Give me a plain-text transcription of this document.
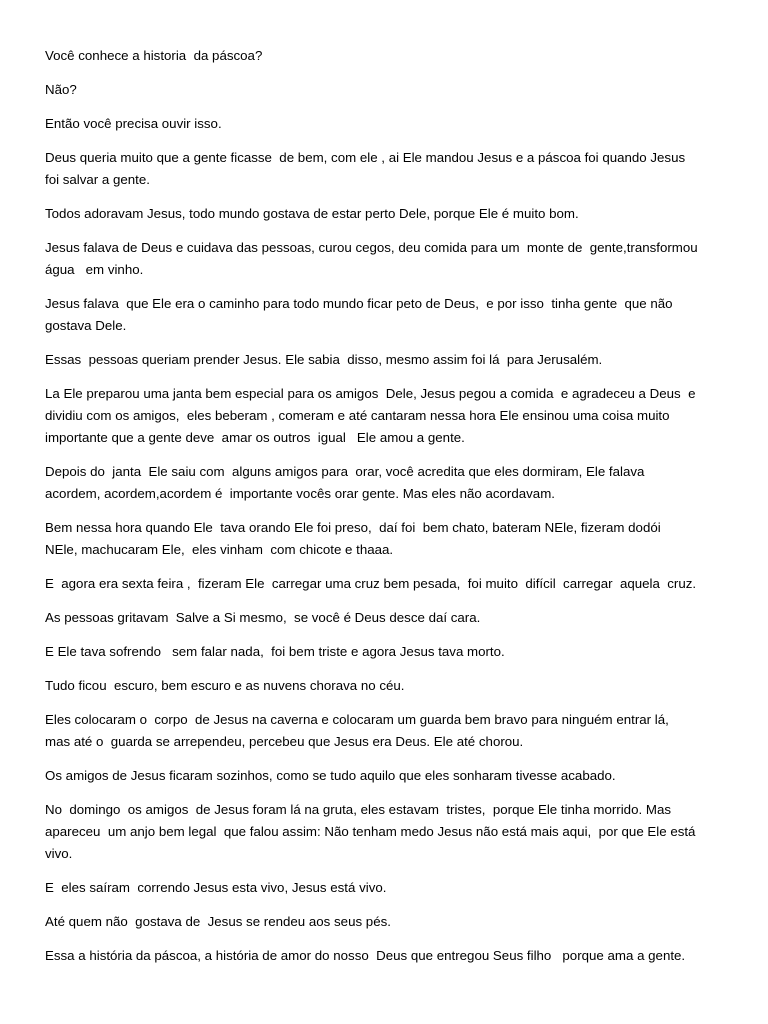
Você conhece a historia  da páscoa?
Não?
Então você precisa ouvir isso.
Deus queria muito que a gente ficasse  de bem, com ele , ai Ele mandou Jesus e a páscoa foi quando Jesus
foi salvar a gente.
Todos adoravam Jesus, todo mundo gostava de estar perto Dele, porque Ele é muito bom.
Jesus falava de Deus e cuidava das pessoas, curou cegos, deu comida para um  monte de  gente,transformou
água   em vinho.
Jesus falava  que Ele era o caminho para todo mundo ficar peto de Deus,  e por isso  tinha gente  que não
gostava Dele.
Essas  pessoas queriam prender Jesus. Ele sabia  disso, mesmo assim foi lá  para Jerusalém.
La Ele preparou uma janta bem especial para os amigos  Dele, Jesus pegou a comida  e agradeceu a Deus  e
dividiu com os amigos,  eles beberam , comeram e até cantaram nessa hora Ele ensinou uma coisa muito
importante que a gente deve  amar os outros  igual   Ele amou a gente.
Depois do  janta  Ele saiu com  alguns amigos para  orar, você acredita que eles dormiram, Ele falava
acordem, acordem,acordem é  importante vocês orar gente. Mas eles não acordavam.
Bem nessa hora quando Ele  tava orando Ele foi preso,  daí foi  bem chato, bateram NEle, fizeram dodói
NEle, machucaram Ele,  eles vinham  com chicote e thaaa.
E  agora era sexta feira ,  fizeram Ele  carregar uma cruz bem pesada,  foi muito  difícil  carregar  aquela  cruz.
As pessoas gritavam  Salve a Si mesmo,  se você é Deus desce daí cara.
E Ele tava sofrendo   sem falar nada,  foi bem triste e agora Jesus tava morto.
Tudo ficou  escuro, bem escuro e as nuvens chorava no céu.
Eles colocaram o  corpo  de Jesus na caverna e colocaram um guarda bem bravo para ninguém entrar lá,
mas até o  guarda se arrependeu, percebeu que Jesus era Deus. Ele até chorou.
Os amigos de Jesus ficaram sozinhos, como se tudo aquilo que eles sonharam tivesse acabado.
No  domingo  os amigos  de Jesus foram lá na gruta, eles estavam  tristes,  porque Ele tinha morrido. Mas
apareceu  um anjo bem legal  que falou assim: Não tenham medo Jesus não está mais aqui,  por que Ele está
vivo.
E  eles saíram  correndo Jesus esta vivo, Jesus está vivo.
Até quem não  gostava de  Jesus se rendeu aos seus pés.
Essa a história da páscoa, a história de amor do nosso  Deus que entregou Seus filho   porque ama a gente.
